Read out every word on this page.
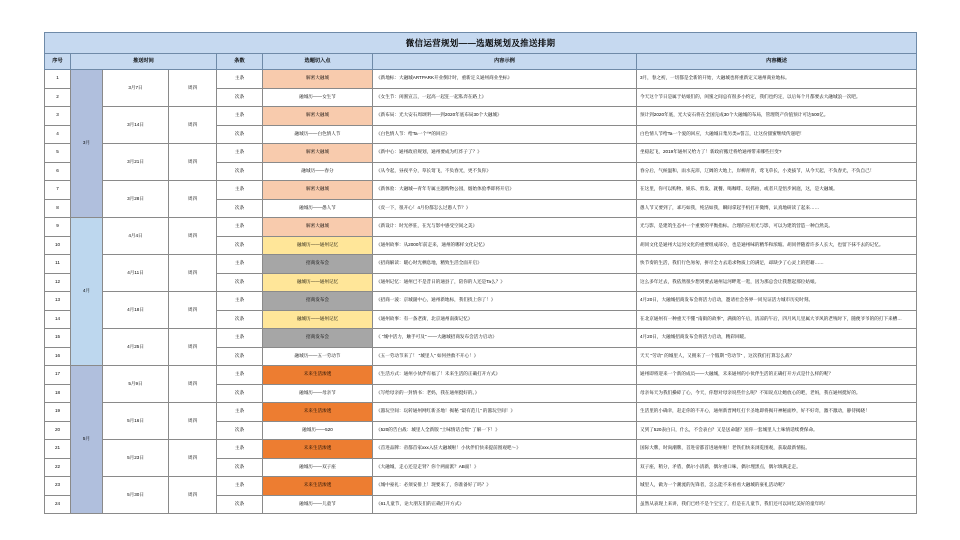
微信运营规划——选题规划及推送排期							
序号	推送时间			条数	选题切入点	内容示例	内容概述
1	3月	3月7日	周四	主条	解密大融城	《新地标：大融城ARTPARK开业倒计时，重新定义通州商业坐标》	3月，春之初，一切都是全新的开始，大融城也将重新定义通州商业地标。
2				次条	融城历——女生节	《女生节：闺蜜宣言，一起高一起狂一起私奔在路上》	今天这个节日是属于姑娘们的，闺蜜之间总有很多小约定，我们也约定，以后每个月都要去大融城浪一次吧。
3		3月14日	周四	主条	解密大融城	《新布局：光大安石周颂明——到2020年底布局30个大融城》	预计到2020年底，光大安石将在全国完成30个大融城的布局，管理资产价值预计可达500亿。
4				次条	融城历——白色情人节	《白色情人节：给Ta一个™的回应》	白色情人节给Ta一个爱的回应，大融城日集另类∞誓言，让这份甜蜜继续传递吧！
5		3月21日	周四	主条	解密大融城	《新中心：通州政府规划，通州要成为红炸子了？》	坐稳起飞，2019年通州又给力了！新政府搬迁将给通州带来哪些巨变?
6				次条	融城历——春分	《从今起，昼夜平分，草长莺飞，不负春光，更不负你》	春分后，气候温和，雨水充沛，辽阔的大地上，岸柳青青，莺飞草长，小麦拔节，从今天起，不负春光，不负自己！
7		3月28日	周四	主条	解密大融城	《新体验：大融城—青年专属主题购物公园，烟始体验季即将开启》	在这里，你可以购物、娱乐、剪发、就餐、喝咖啡、玩抓拍，或者只是悟步闲庭，这，是大融城。
8				次条	融城历——愚人节	《皮一下，很开心！4月份都怎么过愚人节？》	愚人节又要到了，乖巧如我，纯洁如我，瞬间拿起手机打开微博，认真地研读了起来……
9	4月	4月4日	周四	主条	解密大融城	《新设计：时光停驻，在光与影中感受空间之美》	光与影，是建筑生态中一个重要的平衡指标。合理的应用光与影，可以为建筑营造一种自然美。
10				次条	融城历——通州记忆	《通州故事：从2000年前走来，通州的哪样文化记忆》	胡同文化是通州大运河文化的重要组成部分，也是通州味的精华和浓缩。胡同伴随着许多人长大，也留下抹不去的记忆。
11		4月11日	周四	主条	招商发布会	《招商解读：暖心时光栖息地，精致生活全面开启》	快节奏的生活，我们行色匆匆，拼尽全力去追求物质上的满足，却缺少了心灵上的慰藉……
12				次条	融城历——通州记忆	《通州记忆：通州已不是昔日的通县了，陪你的人还是Ta么？》	这么多年过去，我依然很少想到要去通州运河畔逛一逛，因为那总会让我想起那位姑娘。
13		4月18日	周四	主条	招商发布会	《招商一波：京城副中心，通州新地标，我们找上你了！》	4月20日，大融城招商发布会将活力启动，邀请社会各界一同见证活力城市历史时刻。
14				次条	融城历——通州记忆	《通州故事：有一条老街，北京通州南街记忆》	在北京通州有一种重天不懂 "南街的故事"，满街的午后，清凉的午后，四月风儿里属大爷风的老残时下，随便爷爷的的打下来槽…
15		4月25日	周四	主条	招商发布会	《 "城中活力，触手可及" ——大融城招商发布会活力启动》	4月20日，大融城招商发布会将活力启动，精彩回暖。
16				次条	融城历——五一劳动节	《五一劳动节来了！ "城里人" 如何拯救不开心！》	天天 "劳动" 的城里人，又拥来了一个假期 "劳动节" ，这次我们打算怎么战？
17	5月	5月9日	周四	主条	未来生活渗透	《生活方式：通州小伙伴有福了！未来生活的正确打开方式》	通州即将迎来一个新的成员——大融城，未来通州的小伙伴生活的正确打开方式是什么样的呢？
18				次条	融城历——母亲节	《写给母亲的一封情书：老妈，我在通州挺好的。》	母亲每天为我们操碎了心，今天，你想对母亲说些什么呢？不知说点让她放心的吧，老妈，我在通州挺好的。
19		5月16日	周四	主条	未来生活渗透	《嚣玩空间：玩转通州网红新圣地！揭秘 "最有范儿" 的嚣玩空间！》	生活里的小确幸，赶走你的不开心，通州新晋网红打卡圣地即将揭开神秘面纱，好不好奇，激不激动，静待揭晓！
20				次条	融城历——520	《520的告白战：城里人全新版 "土味情话合集" 了解一下！》	又到了520表白日，什么，不会表白？又是送命题？送你一套城里人土味情话续费保命。
21		5月23日	周四	主条	未来生活渗透	《首进品牌：帝都首家xxx入驻大融城啦！小伙伴们快来提前围观吧～》	国际大牌，时尚潮牌，首进帝都首进通州啦！老铁们快来浏览围观，获取最新情报。
22				次条	融城历——双子座	《大融城，走心还是走肾？你个两面派？AB面！》	双子座，稍分，矛盾，偶尔小清新，偶尔重口味，偶尔埋黑点，偶尔填满走走。
23		5月30日	周四	主条	未来生活渗透	《城中豪礼：必须安排上！现要来了，你准备好了吗？》	城里人，做为一个潮流的先锋者，怎么能不来看看大融城的豪礼活动呢？
24				次条	融城历——儿童节	《61儿童节，论大朋友们的正确打开方式》	虽然从表现上来讲，我们已经不是个宝宝了，但是在儿童节，我们还可以回忆美好的童年吗！
